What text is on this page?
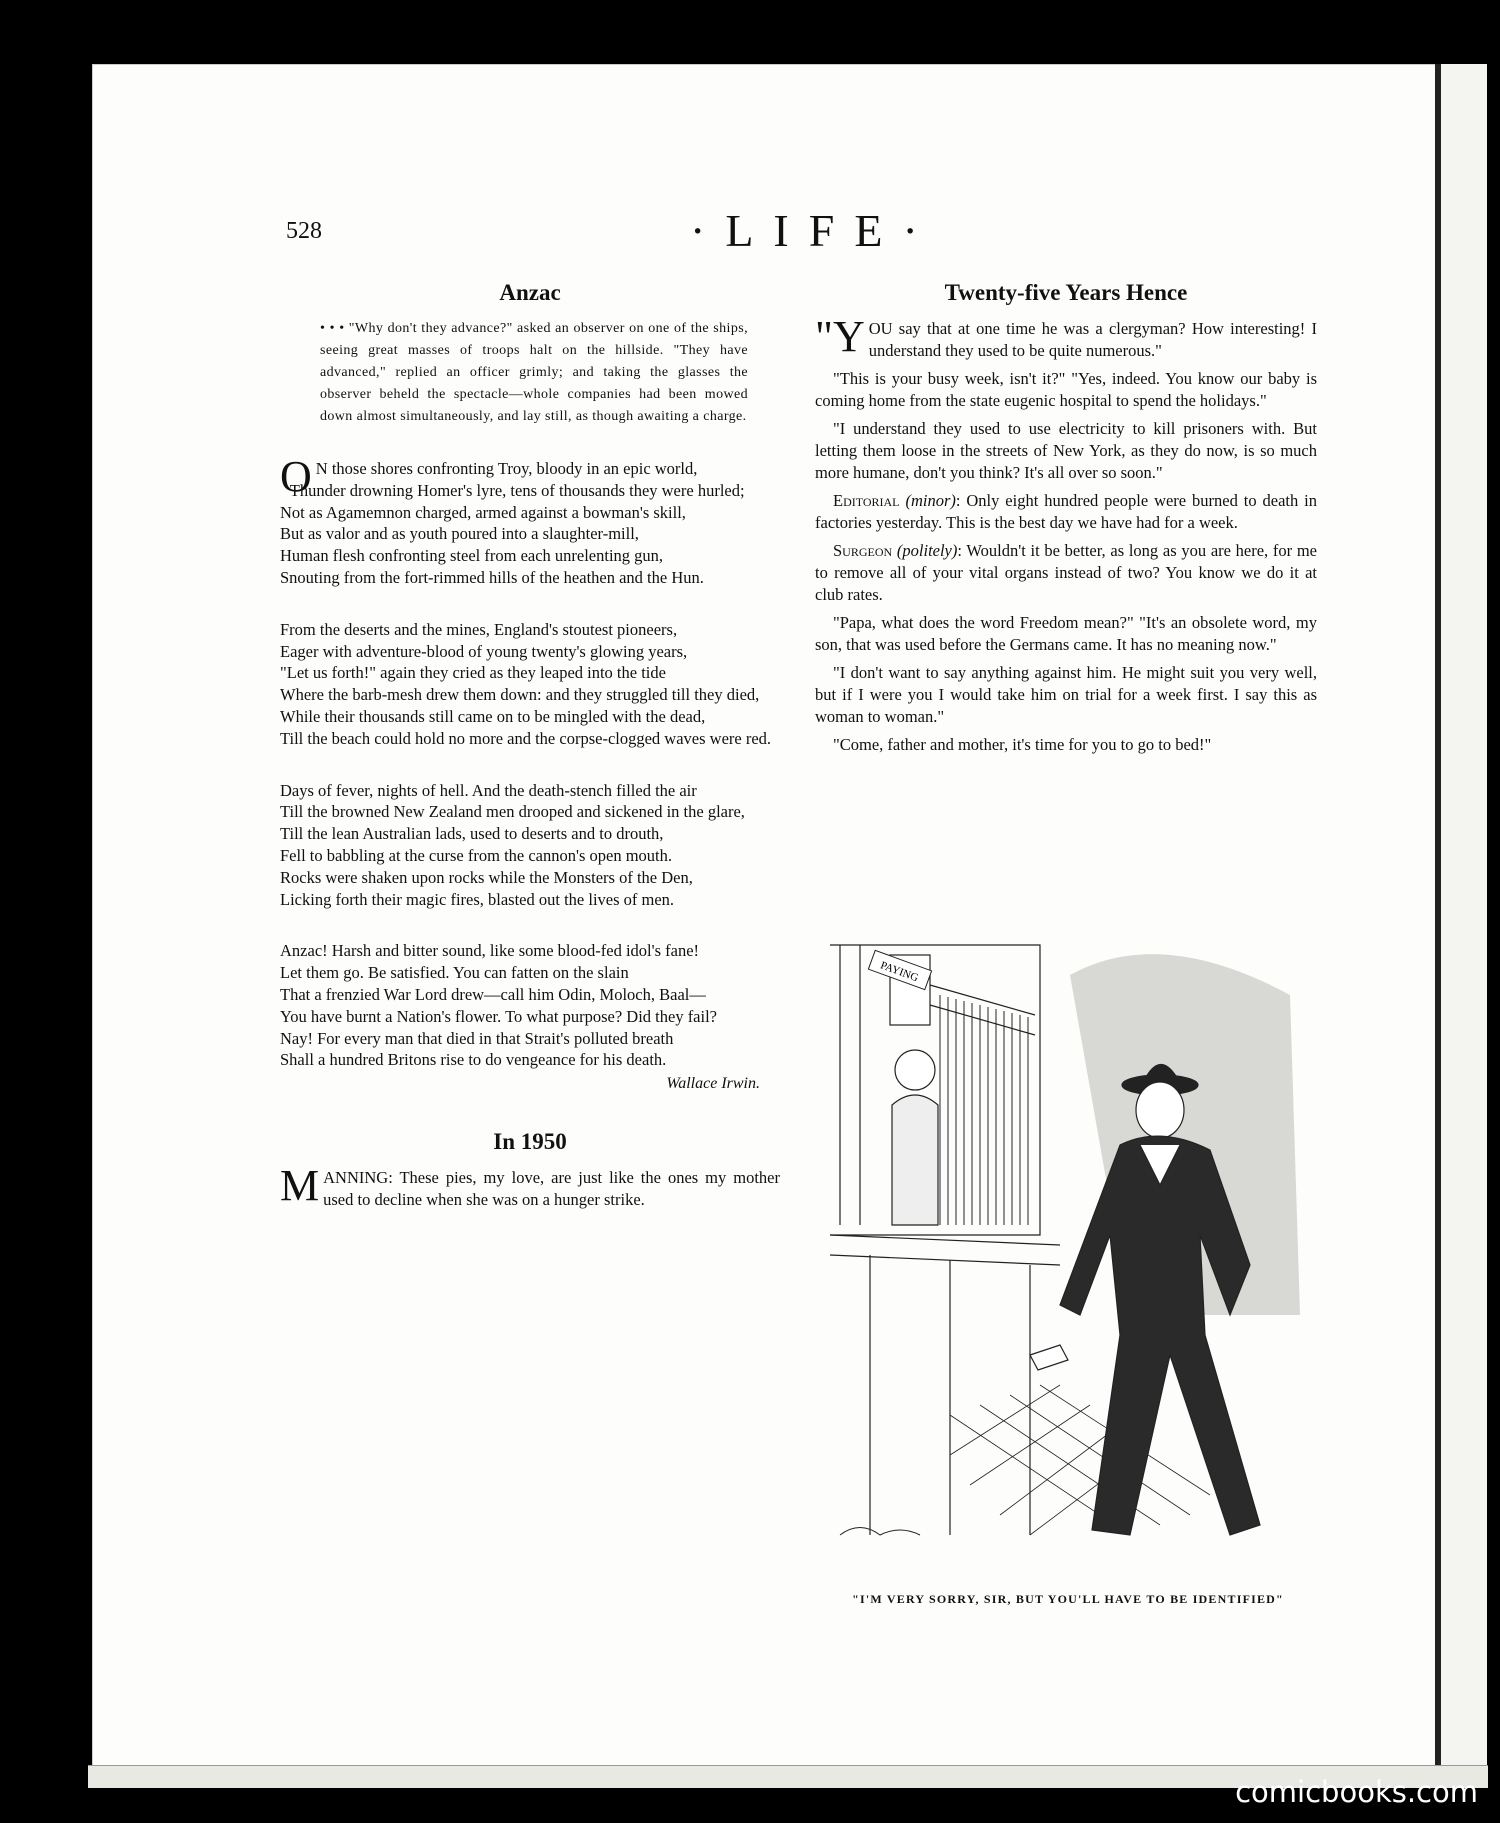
528	·LIFE·
Anzac
• • • "Why don't they advance?" asked an observer on one of the ships, seeing great masses of troops halt on the hillside. "They have advanced," replied an officer grimly; and taking the glasses the observer beheld the spectacle—whole companies had been mowed down almost simultaneously, and lay still, as though awaiting a charge.
O N those shores confronting Troy, bloody in an epic world,
Thunder drowning Homer's lyre, tens of thousands they were hurled;
Not as Agamemnon charged, armed against a bowman's skill,
But as valor and as youth poured into a slaughter-mill,
Human flesh confronting steel from each unrelenting gun,
Snouting from the fort-rimmed hills of the heathen and the Hun.
From the deserts and the mines, England's stoutest pioneers,
Eager with adventure-blood of young twenty's glowing years,
"Let us forth!" again they cried as they leaped into the tide
Where the barb-mesh drew them down: and they struggled till they died,
While their thousands still came on to be mingled with the dead,
Till the beach could hold no more and the corpse-clogged waves were red.
Days of fever, nights of hell. And the death-stench filled the air
Till the browned New Zealand men drooped and sickened in the glare,
Till the lean Australian lads, used to deserts and to drouth,
Fell to babbling at the curse from the cannon's open mouth.
Rocks were shaken upon rocks while the Monsters of the Den,
Licking forth their magic fires, blasted out the lives of men.
Anzac! Harsh and bitter sound, like some blood-fed idol's fane!
Let them go. Be satisfied. You can fatten on the slain
That a frenzied War Lord drew—call him Odin, Moloch, Baal—
You have burnt a Nation's flower. To what purpose? Did they fail?
Nay! For every man that died in that Strait's polluted breath
Shall a hundred Britons rise to do vengeance for his death.
Wallace Irwin.
In 1950

MANNING: These pies, my love, are just like the ones my mother used to decline when she was on a hunger strike.

Twenty-five Years Hence

"Y OU say that at one time he was a clergyman? How interesting! I understand they used to be quite numerous."

"This is your busy week, isn't it?" "Yes, indeed. You know our baby is coming home from the state eugenic hospital to spend the holidays."

"I understand they used to use electricity to kill prisoners with. But letting them loose in the streets of New York, as they do now, is so much more humane, don't you think? It's all over so soon."

Editorial (minor): Only eight hundred people were burned to death in factories yesterday. This is the best day we have had for a week.

Surgeon (politely): Wouldn't it be better, as long as you are here, for me to remove all of your vital organs instead of two? You know we do it at club rates.

"Papa, what does the word Freedom mean?" "It's an obsolete word, my son, that was used before the Germans came. It has no meaning now."

"I don't want to say anything against him. He might suit you very well, but if I were you I would take him on trial for a week first. I say this as woman to woman."

"Come, father and mother, it's time for you to go to bed!"

PAYING
"I'M VERY SORRY, SIR, BUT YOU'LL HAVE TO BE IDENTIFIED"
comicbooks.com
